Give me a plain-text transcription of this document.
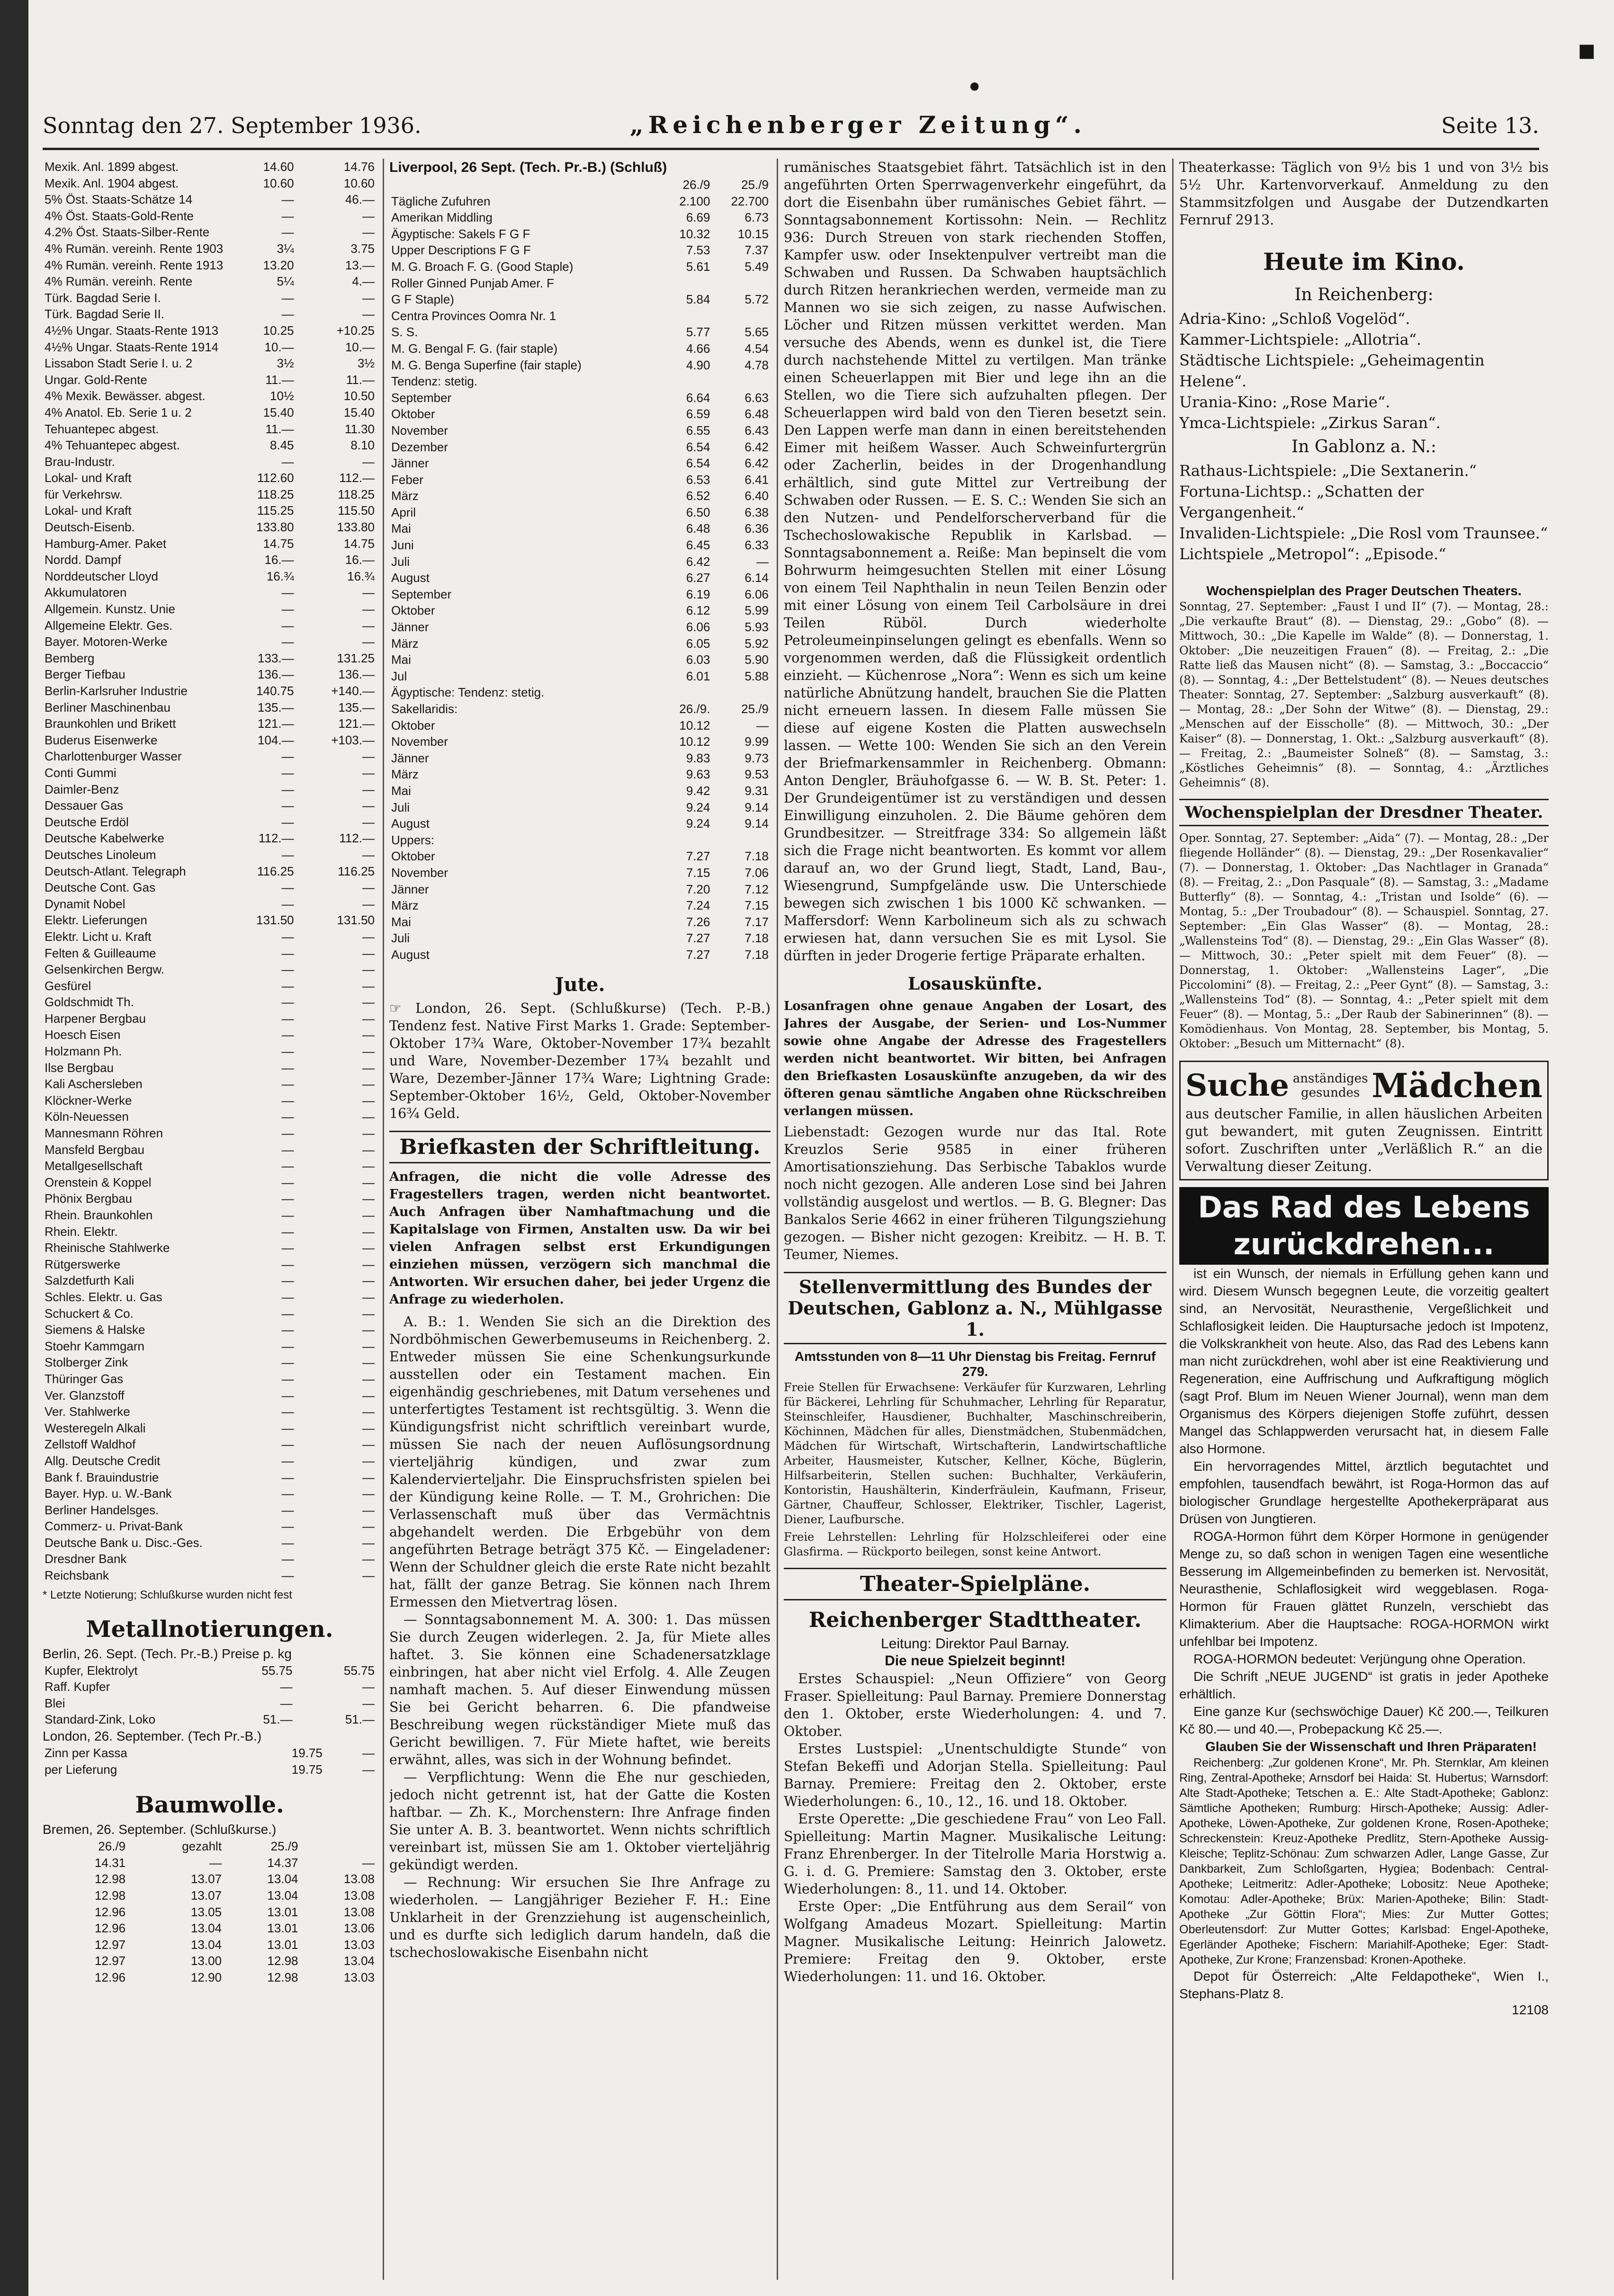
•
▪
Sonntag den 27. September 1936.	„Reichenberger Zeitung“.	Seite 13.
Mexik. Anl. 1899 abgest.	14.60	14.76
Mexik. Anl. 1904 abgest.	10.60	10.60
5% Öst. Staats-Schätze 14	—	46.—
4% Öst. Staats-Gold-Rente	—	—
4.2% Öst. Staats-Silber-Rente	—	—
4% Rumän. vereinh. Rente 1903	3¼	3.75
4% Rumän. vereinh. Rente 1913	13.20	13.—
4% Rumän. vereinh. Rente	5¼	4.—
Türk. Bagdad Serie I.	—	—
Türk. Bagdad Serie II.	—	—
4½% Ungar. Staats-Rente 1913	10.25	+10.25
4½% Ungar. Staats-Rente 1914	10.—	10.—
Lissabon Stadt Serie I. u. 2	3½	3½
Ungar. Gold-Rente	11.—	11.—
4% Mexik. Bewässer. abgest.	10½	10.50
4% Anatol. Eb. Serie 1 u. 2	15.40	15.40
Tehuantepec abgest.	11.—	11.30
4% Tehuantepec abgest.	8.45	8.10
Brau-Industr.	—	—
Lokal- und Kraft	112.60	112.—
für Verkehrsw.	118.25	118.25
Lokal- und Kraft	115.25	115.50
Deutsch-Eisenb.	133.80	133.80
Hamburg-Amer. Paket	14.75	14.75
Nordd. Dampf	16.—	16.—
Norddeutscher Lloyd	16.¾	16.¾
Akkumulatoren	—	—
Allgemein. Kunstz. Unie	—	—
Allgemeine Elektr. Ges.	—	—
Bayer. Motoren-Werke	—	—
Bemberg	133.—	131.25
Berger Tiefbau	136.—	136.—
Berlin-Karlsruher Industrie	140.75	+140.—
Berliner Maschinenbau	135.—	135.—
Braunkohlen und Brikett	121.—	121.—
Buderus Eisenwerke	104.—	+103.—
Charlottenburger Wasser	—	—
Conti Gummi	—	—
Daimler-Benz	—	—
Dessauer Gas	—	—
Deutsche Erdöl	—	—
Deutsche Kabelwerke	112.—	112.—
Deutsches Linoleum	—	—
Deutsch-Atlant. Telegraph	116.25	116.25
Deutsche Cont. Gas	—	—
Dynamit Nobel	—	—
Elektr. Lieferungen	131.50	131.50
Elektr. Licht u. Kraft	—	—
Felten & Guilleaume	—	—
Gelsenkirchen Bergw.	—	—
Gesfürel	—	—
Goldschmidt Th.	—	—
Harpener Bergbau	—	—
Hoesch Eisen	—	—
Holzmann Ph.	—	—
Ilse Bergbau	—	—
Kali Aschersleben	—	—
Klöckner-Werke	—	—
Köln-Neuessen	—	—
Mannesmann Röhren	—	—
Mansfeld Bergbau	—	—
Metallgesellschaft	—	—
Orenstein & Koppel	—	—
Phönix Bergbau	—	—
Rhein. Braunkohlen	—	—
Rhein. Elektr.	—	—
Rheinische Stahlwerke	—	—
Rütgerswerke	—	—
Salzdetfurth Kali	—	—
Schles. Elektr. u. Gas	—	—
Schuckert & Co.	—	—
Siemens & Halske	—	—
Stoehr Kammgarn	—	—
Stolberger Zink	—	—
Thüringer Gas	—	—
Ver. Glanzstoff	—	—
Ver. Stahlwerke	—	—
Westeregeln Alkali	—	—
Zellstoff Waldhof	—	—
Allg. Deutsche Credit	—	—
Bank f. Brauindustrie	—	—
Bayer. Hyp. u. W.-Bank	—	—
Berliner Handelsges.	—	—
Commerz- u. Privat-Bank	—	—
Deutsche Bank u. Disc.-Ges.	—	—
Dresdner Bank	—	—
Reichsbank	—	—
* Letzte Notierung; Schlußkurse wurden nicht fest
Metallnotierungen.
Berlin, 26. Sept. (Tech. Pr.-B.) Preise p. kg
Kupfer, Elektrolyt	55.75	55.75
Raff. Kupfer	—	—
Blei	—	—
Standard-Zink, Loko	51.—	51.—
London, 26. September. (Tech Pr.-B.)
Zinn per Kassa	19.75	—
per Lieferung	19.75	—
Baumwolle.
Bremen, 26. September. (Schlußkurse.)
	26./9	gezahlt	25./9	
	14.31	—	14.37	—
	12.98	13.07	13.04	13.08
	12.98	13.07	13.04	13.08
	12.96	13.05	13.01	13.08
	12.96	13.04	13.01	13.06
	12.97	13.04	13.01	13.03
	12.97	13.00	12.98	13.04
	12.96	12.90	12.98	13.03
Liverpool, 26 Sept. (Tech. Pr.-B.) (Schluß)
	26./9	25./9
Tägliche Zufuhren	2.100	22.700
Amerikan Middling	6.69	6.73
Ägyptische: Sakels F G F	10.32	10.15
Upper Descriptions F G F	7.53	7.37
M. G. Broach F. G. (Good Staple)	5.61	5.49
Roller Ginned Punjab Amer. F		
G F Staple)	5.84	5.72
Centra Provinces Oomra Nr. 1		
S. S.	5.77	5.65
M. G. Bengal F. G. (fair staple)	4.66	4.54
M. G. Benga Superfine (fair staple)	4.90	4.78
Tendenz: stetig.		
September	6.64	6.63
Oktober	6.59	6.48
November	6.55	6.43
Dezember	6.54	6.42
Jänner	6.54	6.42
Feber	6.53	6.41
März	6.52	6.40
April	6.50	6.38
Mai	6.48	6.36
Juni	6.45	6.33
Juli	6.42	—
August	6.27	6.14
September	6.19	6.06
Oktober	6.12	5.99
Jänner	6.06	5.93
März	6.05	5.92
Mai	6.03	5.90
Jul	6.01	5.88
Ägyptische: Tendenz: stetig.		
Sakellaridis:	26./9.	25./9
Oktober	10.12	—
November	10.12	9.99
Jänner	9.83	9.73
März	9.63	9.53
Mai	9.42	9.31
Juli	9.24	9.14
August	9.24	9.14
Uppers:		
Oktober	7.27	7.18
November	7.15	7.06
Jänner	7.20	7.12
März	7.24	7.15
Mai	7.26	7.17
Juli	7.27	7.18
August	7.27	7.18
Jute.
☞ London, 26. Sept. (Schlußkurse) (Tech. P.-B.) Tendenz fest. Native First Marks 1. Grade: September-Oktober 17¾ Ware, Oktober-November 17¾ bezahlt und Ware, November-Dezember 17¾ bezahlt und Ware, Dezember-Jänner 17¾ Ware; Lightning Grade: September-Oktober 16½, Geld, Oktober-November 16¾ Geld.
Briefkasten der Schriftleitung.
Anfragen, die nicht die volle Adresse des Fragestellers tragen, werden nicht beantwortet. Auch Anfragen über Namhaftmachung und die Kapitalslage von Firmen, Anstalten usw. Da wir bei vielen Anfragen selbst erst Erkundigungen einziehen müssen, verzögern sich manchmal die Antworten. Wir ersuchen daher, bei jeder Urgenz die Anfrage zu wiederholen.

A. B.: 1. Wenden Sie sich an die Direktion des Nordböhmischen Gewerbemuseums in Reichenberg. 2. Entweder müssen Sie eine Schenkungsurkunde ausstellen oder ein Testament machen. Ein eigenhändig geschriebenes, mit Datum versehenes und unterfertigtes Testament ist rechtsgültig. 3. Wenn die Kündigungsfrist nicht schriftlich vereinbart wurde, müssen Sie nach der neuen Auflösungsordnung vierteljährig kündigen, und zwar zum Kalendervierteljahr. Die Einspruchsfristen spielen bei der Kündigung keine Rolle. — T. M., Grohrichen: Die Verlassenschaft muß über das Vermächtnis abgehandelt werden. Die Erbgebühr von dem angeführten Betrage beträgt 375 Kč. — Eingeladener: Wenn der Schuldner gleich die erste Rate nicht bezahlt hat, fällt der ganze Betrag. Sie können nach Ihrem Ermessen den Mietvertrag lösen.

— Sonntagsabonnement M. A. 300: 1. Das müssen Sie durch Zeugen widerlegen. 2. Ja, für Miete alles haftet. 3. Sie können eine Schadenersatzklage einbringen, hat aber nicht viel Erfolg. 4. Alle Zeugen namhaft machen. 5. Auf dieser Einwendung müssen Sie bei Gericht beharren. 6. Die pfandweise Beschreibung wegen rückständiger Miete muß das Gericht bewilligen. 7. Für Miete haftet, wie bereits erwähnt, alles, was sich in der Wohnung befindet.

— Verpflichtung: Wenn die Ehe nur geschieden, jedoch nicht getrennt ist, hat der Gatte die Kosten haftbar. — Zh. K., Morchenstern: Ihre Anfrage finden Sie unter A. B. 3. beantwortet. Wenn nichts schriftlich vereinbart ist, müssen Sie am 1. Oktober vierteljährig gekündigt werden.

— Rechnung: Wir ersuchen Sie Ihre Anfrage zu wiederholen. — Langjähriger Bezieher F. H.: Eine Unklarheit in der Grenzziehung ist augenscheinlich, und es durfte sich lediglich darum handeln, daß die tschechoslowakische Eisenbahn nicht

rumänisches Staatsgebiet fährt. Tatsächlich ist in den angeführten Orten Sperrwagenverkehr eingeführt, da dort die Eisenbahn über rumänisches Gebiet fährt. — Sonntagsabonnement Kortissohn: Nein. — Rechlitz 936: Durch Streuen von stark riechenden Stoffen, Kampfer usw. oder Insektenpulver vertreibt man die Schwaben und Russen. Da Schwaben hauptsächlich durch Ritzen herankriechen werden, vermeide man zu Mannen wo sie sich zeigen, zu nasse Aufwischen. Löcher und Ritzen müssen verkittet werden. Man versuche des Abends, wenn es dunkel ist, die Tiere durch nachstehende Mittel zu vertilgen. Man tränke einen Scheuerlappen mit Bier und lege ihn an die Stellen, wo die Tiere sich aufzuhalten pflegen. Der Scheuerlappen wird bald von den Tieren besetzt sein. Den Lappen werfe man dann in einen bereitstehenden Eimer mit heißem Wasser. Auch Schweinfurtergrün oder Zacherlin, beides in der Drogenhandlung erhältlich, sind gute Mittel zur Vertreibung der Schwaben oder Russen. — E. S. C.: Wenden Sie sich an den Nutzen- und Pendelforscherverband für die Tschechoslowakische Republik in Karlsbad. — Sonntagsabonnement a. Reiße: Man bepinselt die vom Bohrwurm heimgesuchten Stellen mit einer Lösung von einem Teil Naphthalin in neun Teilen Benzin oder mit einer Lösung von einem Teil Carbolsäure in drei Teilen Rüböl. Durch wiederholte Petroleumeinpinselungen gelingt es ebenfalls. Wenn so vorgenommen werden, daß die Flüssigkeit ordentlich einzieht. — Küchenrose „Nora“: Wenn es sich um keine natürliche Abnützung handelt, brauchen Sie die Platten nicht erneuern lassen. In diesem Falle müssen Sie diese auf eigene Kosten die Platten auswechseln lassen. — Wette 100: Wenden Sie sich an den Verein der Briefmarkensammler in Reichenberg. Obmann: Anton Dengler, Bräuhofgasse 6. — W. B. St. Peter: 1. Der Grundeigentümer ist zu verständigen und dessen Einwilligung einzuholen. 2. Die Bäume gehören dem Grundbesitzer. — Streitfrage 334: So allgemein läßt sich die Frage nicht beantworten. Es kommt vor allem darauf an, wo der Grund liegt, Stadt, Land, Bau-, Wiesengrund, Sumpfgelände usw. Die Unterschiede bewegen sich zwischen 1 bis 1000 Kč schwanken. — Maffersdorf: Wenn Karbolineum sich als zu schwach erwiesen hat, dann versuchen Sie es mit Lysol. Sie dürften in jeder Drogerie fertige Präparate erhalten.
Losauskünfte.
Losanfragen ohne genaue Angaben der Losart, des Jahres der Ausgabe, der Serien- und Los-Nummer sowie ohne Angabe der Adresse des Fragestellers werden nicht beantwortet. Wir bitten, bei Anfragen den Briefkasten Losauskünfte anzugeben, da wir des öfteren genau sämtliche Angaben ohne Rückschreiben verlangen müssen.
Liebenstadt: Gezogen wurde nur das Ital. Rote Kreuzlos Serie 9585 in einer früheren Amortisationsziehung. Das Serbische Tabaklos wurde noch nicht gezogen. Alle anderen Lose sind bei Jahren vollständig ausgelost und wertlos. — B. G. Blegner: Das Bankalos Serie 4662 in einer früheren Tilgungsziehung gezogen. — Bisher nicht gezogen: Kreibitz. — H. B. T. Teumer, Niemes.
Stellenvermittlung des Bundes der Deutschen, Gablonz a. N., Mühlgasse 1.
Amtsstunden von 8—11 Uhr Dienstag bis Freitag. Fernruf 279.
Freie Stellen für Erwachsene: Verkäufer für Kurzwaren, Lehrling für Bäckerei, Lehrling für Schuhmacher, Lehrling für Reparatur, Steinschleifer, Hausdiener, Buchhalter, Maschinschreiberin, Köchinnen, Mädchen für alles, Dienstmädchen, Stubenmädchen, Mädchen für Wirtschaft, Wirtschafterin, Landwirtschaftliche Arbeiter, Hausmeister, Kutscher, Kellner, Köche, Büglerin, Hilfsarbeiterin, Stellen suchen: Buchhalter, Verkäuferin, Kontoristin, Haushälterin, Kinderfräulein, Kaufmann, Friseur, Gärtner, Chauffeur, Schlosser, Elektriker, Tischler, Lagerist, Diener, Laufbursche.
Freie Lehrstellen: Lehrling für Holzschleiferei oder eine Glasfirma. — Rückporto beilegen, sonst keine Antwort.
Theater-Spielpläne.
Reichenberger Stadttheater.
Leitung: Direktor Paul Barnay.
Die neue Spielzeit beginnt!

Erstes Schauspiel: „Neun Offiziere“ von Georg Fraser. Spielleitung: Paul Barnay. Premiere Donnerstag den 1. Oktober, erste Wiederholungen: 4. und 7. Oktober.

Erstes Lustspiel: „Unentschuldigte Stunde“ von Stefan Bekeffi und Adorjan Stella. Spielleitung: Paul Barnay. Premiere: Freitag den 2. Oktober, erste Wiederholungen: 6., 10., 12., 16. und 18. Oktober.

Erste Operette: „Die geschiedene Frau“ von Leo Fall. Spielleitung: Martin Magner. Musikalische Leitung: Franz Ehrenberger. In der Titelrolle Maria Horstwig a. G. i. d. G. Premiere: Samstag den 3. Oktober, erste Wiederholungen: 8., 11. und 14. Oktober.

Erste Oper: „Die Entführung aus dem Serail“ von Wolfgang Amadeus Mozart. Spielleitung: Martin Magner. Musikalische Leitung: Heinrich Jalowetz. Premiere: Freitag den 9. Oktober, erste Wiederholungen: 11. und 16. Oktober.

Theaterkasse: Täglich von 9½ bis 1 und von 3½ bis 5½ Uhr. Kartenvorverkauf. Anmeldung zu den Stammsitzfolgen und Ausgabe der Dutzendkarten Fernruf 2913.
Heute im Kino.
In Reichenberg:
Adria-Kino: „Schloß Vogelöd“.
Kammer-Lichtspiele: „Allotria“.
Städtische Lichtspiele: „Geheimagentin Helene“.
Urania-Kino: „Rose Marie“.
Ymca-Lichtspiele: „Zirkus Saran“.
In Gablonz a. N.:
Rathaus-Lichtspiele: „Die Sextanerin.“
Fortuna-Lichtsp.: „Schatten der Vergangenheit.“
Invaliden-Lichtspiele: „Die Rosl vom Traunsee.“
Lichtspiele „Metropol“: „Episode.“
Wochenspielplan des Prager Deutschen Theaters.
Sonntag, 27. September: „Faust I und II“ (7). — Montag, 28.: „Die verkaufte Braut“ (8). — Dienstag, 29.: „Gobo“ (8). — Mittwoch, 30.: „Die Kapelle im Walde“ (8). — Donnerstag, 1. Oktober: „Die neuzeitigen Frauen“ (8). — Freitag, 2.: „Die Ratte ließ das Mausen nicht“ (8). — Samstag, 3.: „Boccaccio“ (8). — Sonntag, 4.: „Der Bettelstudent“ (8). — Neues deutsches Theater: Sonntag, 27. September: „Salzburg ausverkauft“ (8). — Montag, 28.: „Der Sohn der Witwe“ (8). — Dienstag, 29.: „Menschen auf der Eisscholle“ (8). — Mittwoch, 30.: „Der Kaiser“ (8). — Donnerstag, 1. Okt.: „Salzburg ausverkauft“ (8). — Freitag, 2.: „Baumeister Solneß“ (8). — Samstag, 3.: „Köstliches Geheimnis“ (8). — Sonntag, 4.: „Ärztliches Geheimnis“ (8).
Wochenspielplan der Dresdner Theater.
Oper. Sonntag, 27. September: „Aida“ (7). — Montag, 28.: „Der fliegende Holländer“ (8). — Dienstag, 29.: „Der Rosenkavalier“ (7). — Donnerstag, 1. Oktober: „Das Nachtlager in Granada“ (8). — Freitag, 2.: „Don Pasquale“ (8). — Samstag, 3.: „Madame Butterfly“ (8). — Sonntag, 4.: „Tristan und Isolde“ (6). — Montag, 5.: „Der Troubadour“ (8). — Schauspiel. Sonntag, 27. September: „Ein Glas Wasser“ (8). — Montag, 28.: „Wallensteins Tod“ (8). — Dienstag, 29.: „Ein Glas Wasser“ (8). — Mittwoch, 30.: „Peter spielt mit dem Feuer“ (8). — Donnerstag, 1. Oktober: „Wallensteins Lager“, „Die Piccolomini“ (8). — Freitag, 2.: „Peer Gynt“ (8). — Samstag, 3.: „Wallensteins Tod“ (8). — Sonntag, 4.: „Peter spielt mit dem Feuer“ (8). — Montag, 5.: „Der Raub der Sabinerinnen“ (8). — Komödienhaus. Von Montag, 28. September, bis Montag, 5. Oktober: „Besuch um Mitternacht“ (8).
Suche anständiges gesundes Mädchen
aus deutscher Familie, in allen häuslichen Arbeiten gut bewandert, mit guten Zeugnissen. Eintritt sofort. Zuschriften unter „Verläßlich R.“ an die Verwaltung dieser Zeitung.
Das Rad des Lebens zurückdrehen...

ist ein Wunsch, der niemals in Erfüllung gehen kann und wird. Diesem Wunsch begegnen Leute, die vorzeitig gealtert sind, an Nervosität, Neurasthenie, Vergeßlichkeit und Schlaflosigkeit leiden. Die Hauptursache jedoch ist Impotenz, die Volkskrankheit von heute. Also, das Rad des Lebens kann man nicht zurückdrehen, wohl aber ist eine Reaktivierung und Regeneration, eine Auffrischung und Aufkraftigung möglich (sagt Prof. Blum im Neuen Wiener Journal), wenn man dem Organismus des Körpers diejenigen Stoffe zuführt, dessen Mangel das Schlappwerden verursacht hat, in diesem Falle also Hormone.

Ein hervorragendes Mittel, ärztlich begutachtet und empfohlen, tausendfach bewährt, ist Roga-Hormon das auf biologischer Grundlage hergestellte Apothekerpräparat aus Drüsen von Jungtieren.

ROGA-Hormon führt dem Körper Hormone in genügender Menge zu, so daß schon in wenigen Tagen eine wesentliche Besserung im Allgemeinbefinden zu bemerken ist. Nervosität, Neurasthenie, Schlaflosigkeit wird weggeblasen. Roga-Hormon für Frauen glättet Runzeln, verschiebt das Klimakterium. Aber die Hauptsache: ROGA-HORMON wirkt unfehlbar bei Impotenz.

ROGA-HORMON bedeutet: Verjüngung ohne Operation.

Die Schrift „NEUE JUGEND“ ist gratis in jeder Apotheke erhältlich.

Eine ganze Kur (sechswöchige Dauer) Kč 200.—, Teilkuren Kč 80.— und 40.—, Probepackung Kč 25.—.

Glauben Sie der Wissenschaft und Ihren Präparaten!

Reichenberg: „Zur goldenen Krone“, Mr. Ph. Sternklar, Am kleinen Ring, Zentral-Apotheke; Arnsdorf bei Haida: St. Hubertus; Warnsdorf: Alte Stadt-Apotheke; Tetschen a. E.: Alte Stadt-Apotheke; Gablonz: Sämtliche Apotheken; Rumburg: Hirsch-Apotheke; Aussig: Adler-Apotheke, Löwen-Apotheke, Zur goldenen Krone, Rosen-Apotheke; Schreckenstein: Kreuz-Apotheke Predlitz, Stern-Apotheke Aussig-Kleische; Teplitz-Schönau: Zum schwarzen Adler, Lange Gasse, Zur Dankbarkeit, Zum Schloßgarten, Hygiea; Bodenbach: Central-Apotheke; Leitmeritz: Adler-Apotheke; Lobositz: Neue Apotheke; Komotau: Adler-Apotheke; Brüx: Marien-Apotheke; Bilin: Stadt-Apotheke „Zur Göttin Flora“; Mies: Zur Mutter Gottes; Oberleutensdorf: Zur Mutter Gottes; Karlsbad: Engel-Apotheke, Egerländer Apotheke; Fischern: Mariahilf-Apotheke; Eger: Stadt-Apotheke, Zur Krone; Franzensbad: Kronen-Apotheke.

Depot für Österreich: „Alte Feldapotheke“, Wien I., Stephans-Platz 8.

12108
